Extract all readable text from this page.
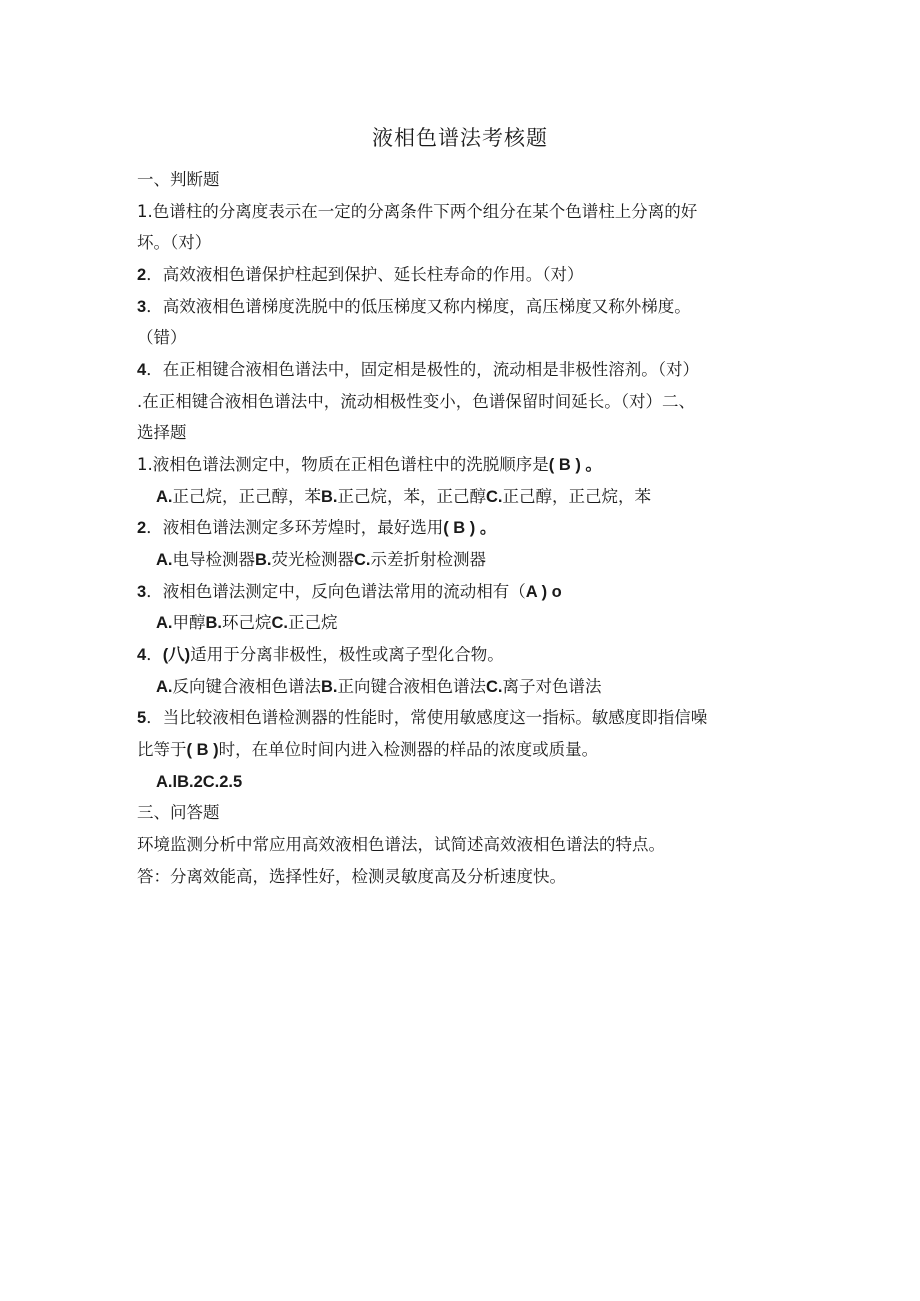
液相色谱法考核题
一、判断题
1.色谱柱的分离度表示在一定的分离条件下两个组分在某个色谱柱上分离的好
坏。（对）
2．高效液相色谱保护柱起到保护、延长柱寿命的作用。（对）
3．高效液相色谱梯度洗脱中的低压梯度又称内梯度，高压梯度又称外梯度。
（错）
4．在正相键合液相色谱法中，固定相是极性的，流动相是非极性溶剂。（对）
.在正相键合液相色谱法中，流动相极性变小，色谱保留时间延长。（对）二、
选择题
1.液相色谱法测定中，物质在正相色谱柱中的洗脱顺序是( B ) 。
A.正己烷，正己醇，苯B.正己烷，苯，正己醇C.正己醇，正己烷，苯
2．液相色谱法测定多环芳煌时，最好选用( B ) 。
A.电导检测器B.荧光检测器C.示差折射检测器
3．液相色谱法测定中，反向色谱法常用的流动相有（A ) o
A.甲醇B.环己烷C.正己烷
4．(八)适用于分离非极性，极性或离子型化合物。
A.反向键合液相色谱法B.正向键合液相色谱法C.离子对色谱法
5．当比较液相色谱检测器的性能时，常使用敏感度这一指标。敏感度即指信噪
比等于( B )时，在单位时间内进入检测器的样品的浓度或质量。
A.lB.2C.2.5
三、问答题
环境监测分析中常应用高效液相色谱法，试简述高效液相色谱法的特点。
答：分离效能高，选择性好，检测灵敏度高及分析速度快。
